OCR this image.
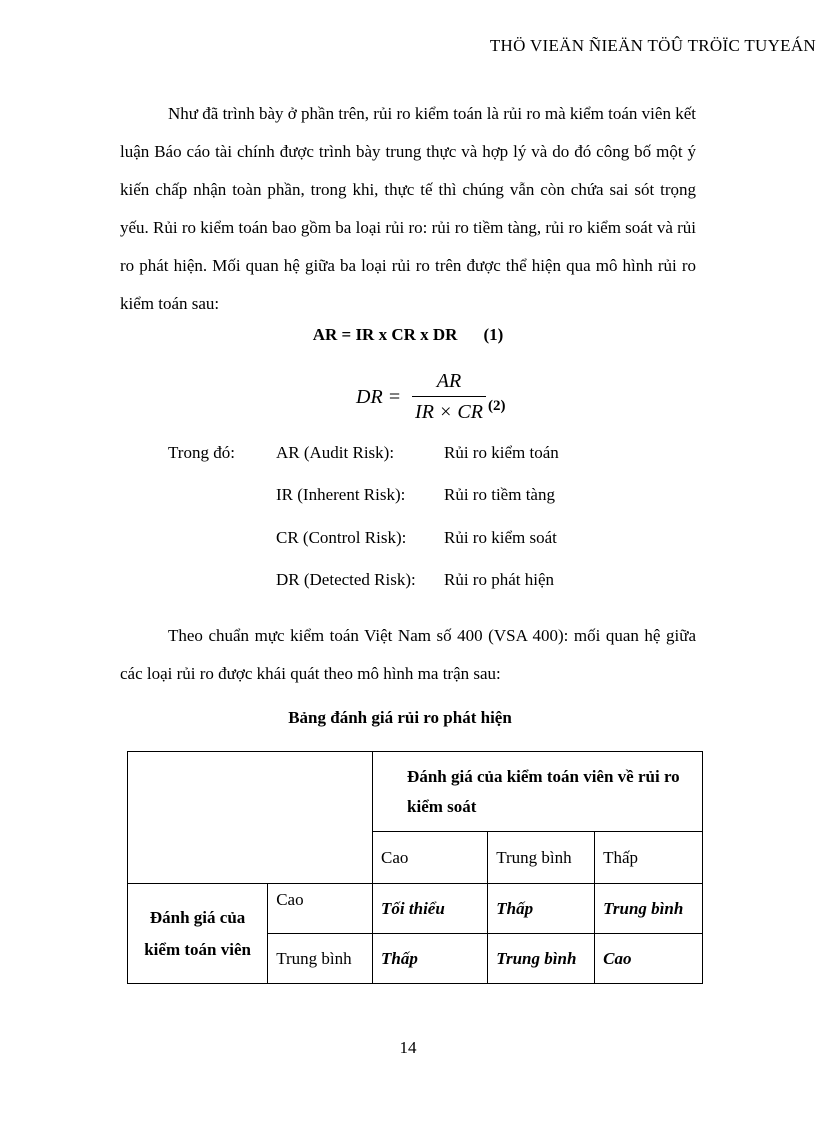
THÖ VIEÄN ÑIEÄN TÖÛ TRÖÏC TUYEÁN

Như đã trình bày ở phần trên, rủi ro kiểm toán là rủi ro mà kiểm toán viên kết luận Báo cáo tài chính được trình bày trung thực và hợp lý và do đó công bố một ý kiến chấp nhận toàn phần, trong khi, thực tế thì chúng vẫn còn chứa sai sót trọng yếu. Rủi ro kiểm toán bao gồm ba loại rủi ro: rủi ro tiềm tàng, rủi ro kiểm soát và rủi ro phát hiện. Mối quan hệ giữa ba loại rủi ro trên được thể hiện qua mô hình rủi ro kiểm toán sau:

AR = IR x CR x DR (1)
DR =
AR
IR × CR (2)
Trong đó: AR (Audit Risk):	Rủi ro kiểm toán
IR (Inherent Risk): Rủi ro tiềm tàng
CR (Control Risk): Rủi ro kiểm soát
DR (Detected Risk): Rủi ro phát hiện

Theo chuẩn mực kiểm toán Việt Nam số 400 (VSA 400): mối quan hệ giữa các loại rủi ro được khái quát theo mô hình ma trận sau:

Bảng đánh giá rủi ro phát hiện
		Đánh giá của kiểm toán viên về rủi ro kiểm soát		
		Cao	Trung bình	Thấp
Đánh giá của kiểm toán viên	Cao	Tối thiểu	Thấp	Trung bình
	Trung bình	Thấp	Trung bình	Cao
14
